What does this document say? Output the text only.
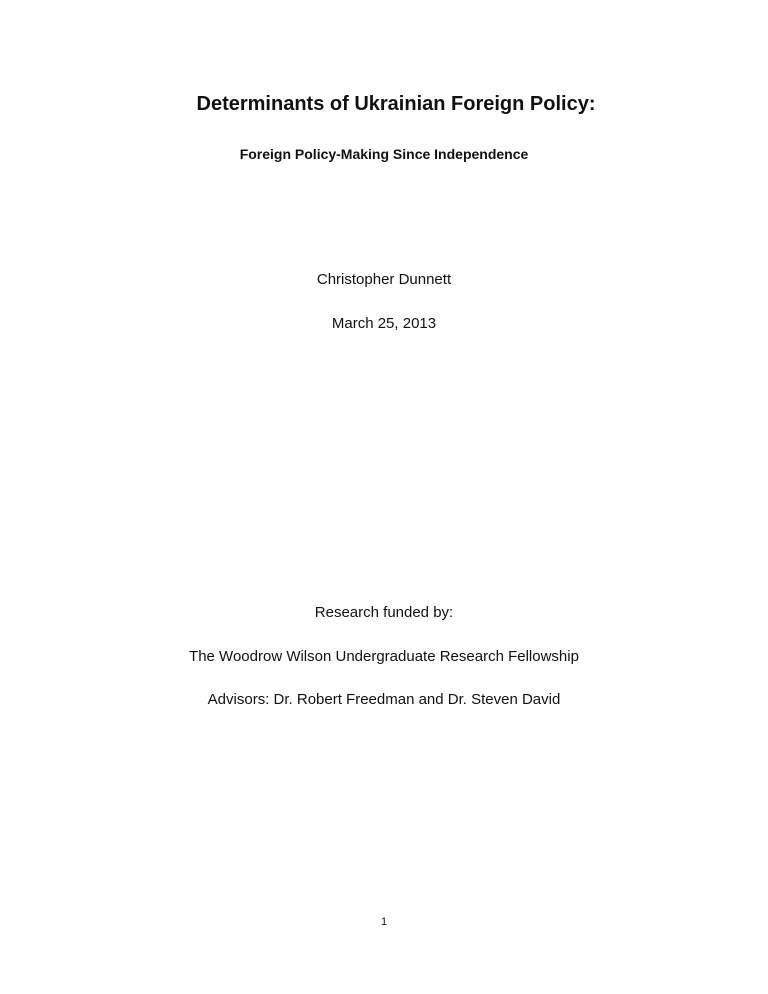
Determinants of Ukrainian Foreign Policy:
Foreign Policy-Making Since Independence
Christopher Dunnett
March 25, 2013
Research funded by:
The Woodrow Wilson Undergraduate Research Fellowship
Advisors: Dr. Robert Freedman and Dr. Steven David
1
